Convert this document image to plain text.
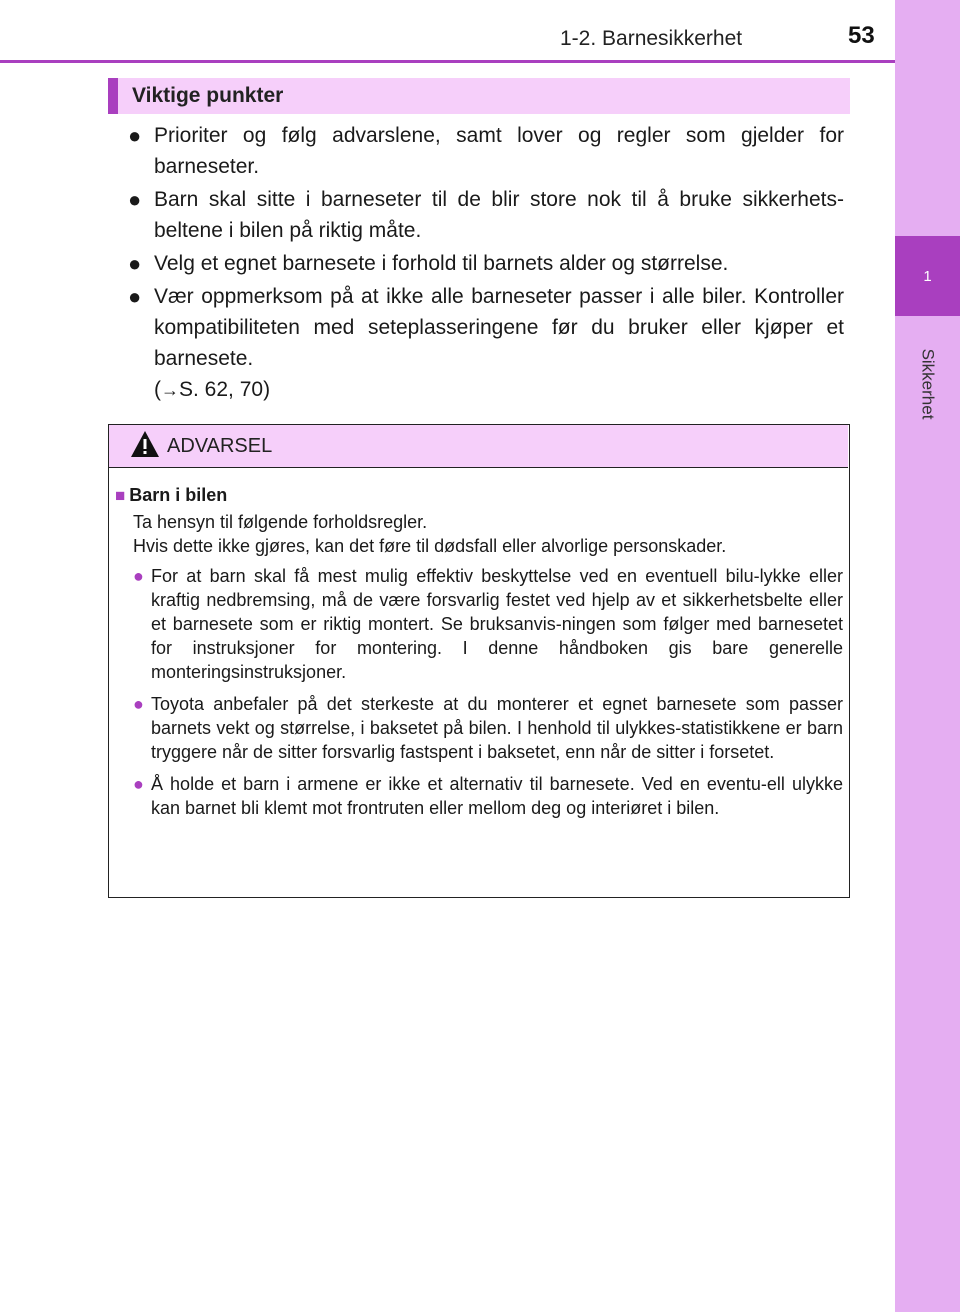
1
Sikkerhet
1-2. Barnesikkerhet	53
Viktige punkter
● Prioriter og følg advarslene, samt lover og regler som gjelder for barneseter.
● Barn skal sitte i barneseter til de blir store nok til å bruke sikkerhets-beltene i bilen på riktig måte.
● Velg et egnet barnesete i forhold til barnets alder og størrelse.
● Vær oppmerksom på at ikke alle barneseter passer i alle biler. Kontroller kompatibiliteten med seteplasseringene før du bruker eller kjøper et barnesete.
(→S. 62, 70)
ADVARSEL
■ Barn i bilen
Ta hensyn til følgende forholdsregler.
Hvis dette ikke gjøres, kan det føre til dødsfall eller alvorlige personskader.
● For at barn skal få mest mulig effektiv beskyttelse ved en eventuell bilu-lykke eller kraftig nedbremsing, må de være forsvarlig festet ved hjelp av et sikkerhetsbelte eller et barnesete som er riktig montert. Se bruksanvis-ningen som følger med barnesetet for instruksjoner for montering. I denne håndboken gis bare generelle monteringsinstruksjoner.
● Toyota anbefaler på det sterkeste at du monterer et egnet barnesete som passer barnets vekt og størrelse, i baksetet på bilen. I henhold til ulykkes-statistikkene er barn tryggere når de sitter forsvarlig fastspent i baksetet, enn når de sitter i forsetet.
● Å holde et barn i armene er ikke et alternativ til barnesete. Ved en eventu-ell ulykke kan barnet bli klemt mot frontruten eller mellom deg og interiøret i bilen.
